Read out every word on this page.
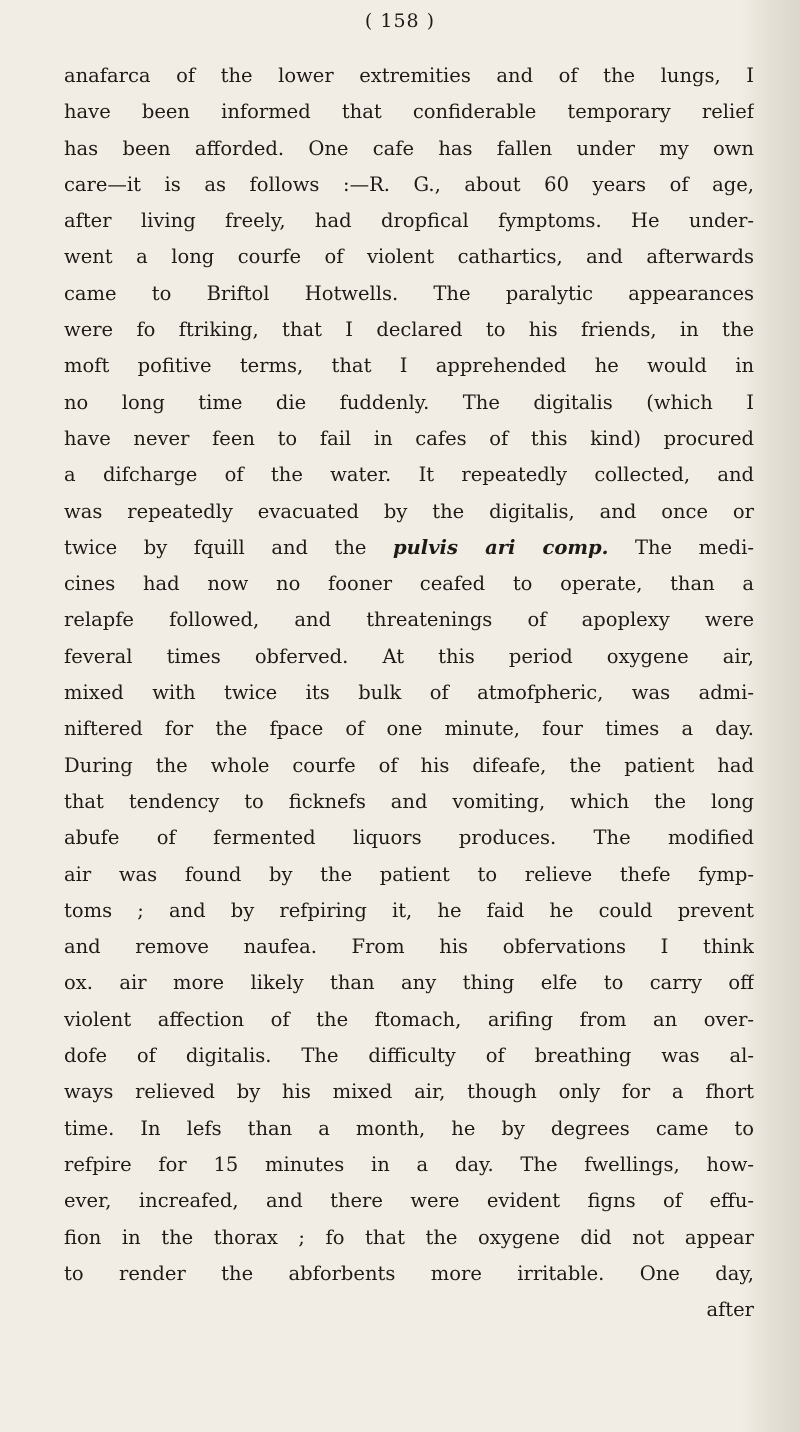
( 158 )
anafarca of the lower extremities and of the lungs, I
have been informed that confiderable temporary relief
has been afforded. One cafe has fallen under my own
care—it is as follows :—R. G., about 60 years of age,
after living freely, had dropfical fymptoms. He under-
went a long courfe of violent cathartics, and afterwards
came to Briftol Hotwells. The paralytic appearances
were fo ftriking, that I declared to his friends, in the
moft pofitive terms, that I apprehended he would in
no long time die fuddenly. The digitalis (which I
have never feen to fail in cafes of this kind) procured
a difcharge of the water. It repeatedly collected, and
was repeatedly evacuated by the digitalis, and once or
twice by fquill and the pulvis ari comp. The medi-
cines had now no fooner ceafed to operate, than a
relapfe followed, and threatenings of apoplexy were
feveral times obferved. At this period oxygene air,
mixed with twice its bulk of atmofpheric, was admi-
niftered for the fpace of one minute, four times a day.
During the whole courfe of his difeafe, the patient had
that tendency to ficknefs and vomiting, which the long
abufe of fermented liquors produces. The modified
air was found by the patient to relieve thefe fymp-
toms ; and by refpiring it, he faid he could prevent
and remove naufea. From his obfervations I think
ox. air more likely than any thing elfe to carry off
violent affection of the ftomach, arifing from an over-
dofe of digitalis. The difficulty of breathing was al-
ways relieved by his mixed air, though only for a fhort
time. In lefs than a month, he by degrees came to
refpire for 15 minutes in a day. The fwellings, how-
ever, increafed, and there were evident figns of effu-
fion in the thorax ; fo that the oxygene did not appear
to render the abforbents more irritable. One day,
after
